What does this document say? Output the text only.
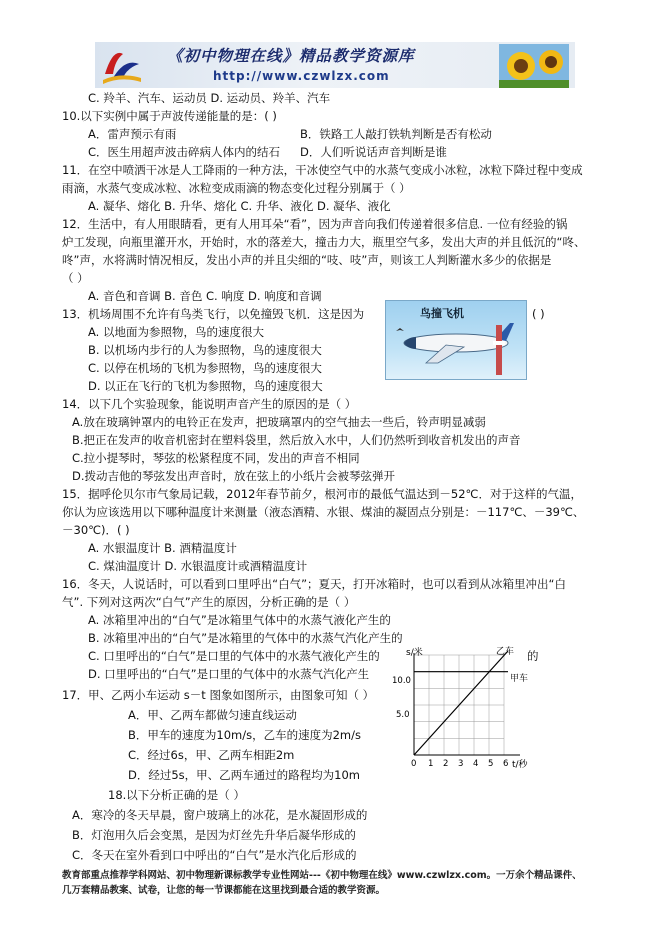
《初中物理在线》精品教学资源库
http://www.czwlzx.com
C. 羚羊、汽车、运动员 D. 运动员、羚羊、汽车
10.以下实例中属于声波传递能量的是：( )
A．雷声预示有雨	B．铁路工人敲打铁轨判断是否有松动
C．医生用超声波击碎病人体内的结石 D．人们听说话声音判断是谁
11．在空中喷洒干冰是人工降雨的一种方法，干冰使空气中的水蒸气变成小冰粒，冰粒下降过程中变成
雨滴，水蒸气变成冰粒、冰粒变成雨滴的物态变化过程分别属于（ ）
A. 凝华、熔化 B. 升华、熔化 C. 升华、液化 D. 凝华、液化
12．生活中，有人用眼睛看，更有人用耳朵“看”，因为声音向我们传递着很多信息. 一位有经验的锅
炉工发现，向瓶里灌开水，开始时，水的落差大，撞击力大，瓶里空气多，发出大声的并且低沉的“咚、
咚”声，水将满时情况相反，发出小声的并且尖细的“吱、吱”声，则该工人判断灌水多少的依据是
（ ）
A. 音色和音调 B. 音色 C. 响度 D. 响度和音调
13．机场周围不允许有鸟类飞行，以免撞毁飞机．这是因为	( )
A. 以地面为参照物，鸟的速度很大
B. 以机场内步行的人为参照物，鸟的速度很大
C. 以停在机场的飞机为参照物，鸟的速度很大
D. 以正在飞行的飞机为参照物，鸟的速度很大
鸟撞飞机
14．以下几个实验现象，能说明声音产生的原因的是（ ）
A.放在玻璃钟罩内的电铃正在发声，把玻璃罩内的空气抽去一些后，铃声明显减弱
B.把正在发声的收音机密封在塑料袋里，然后放入水中，人们仍然听到收音机发出的声音
C.拉小提琴时，琴弦的松紧程度不同，发出的声音不相同
D.拨动吉他的琴弦发出声音时，放在弦上的小纸片会被琴弦弹开
15．据呼伦贝尔市气象局记载，2012年春节前夕，根河市的最低气温达到－52℃．对于这样的气温，
你认为应该选用以下哪种温度计来测量（液态酒精、水银、煤油的凝固点分别是：－117℃、－39℃、
－30℃)．( )
A. 水银温度计 B. 酒精温度计
C. 煤油温度计 D. 水银温度计或酒精温度计
16．冬天，人说话时，可以看到口里呼出“白气”；夏天，打开冰箱时，也可以看到从冰箱里冲出“白
气”. 下列对这两次“白气”产生的原因，分析正确的是（ ）
A. 冰箱里冲出的“白气”是冰箱里气体中的水蒸气液化产生的
B. 冰箱里冲出的“白气”是冰箱里的气体中的水蒸气汽化产生的
C. 口里呼出的“白气”是口里的气体中的水蒸气液化产生的
D. 口里呼出的“白气”是口里的气体中的水蒸气汽化产生
的
17．甲、乙两小车运动 s－t 图象如图所示，由图象可知（ ）
A．甲、乙两车都做匀速直线运动
B．甲车的速度为10m/s，乙车的速度为2m/s
C．经过6s，甲、乙两车相距2m
D．经过5s，甲、乙两车通过的路程均为10m
s/米
t/秒
10.0
5.0
0 1 2 3 4 5 6
乙车
甲车
18.以下分析正确的是（ ）
A．寒冷的冬天早晨，窗户玻璃上的冰花，是水凝固形成的
B．灯泡用久后会变黑，是因为灯丝先升华后凝华形成的
C．冬天在室外看到口中呼出的“白气”是水汽化后形成的
教育部重点推荐学科网站、初中物理新课标教学专业性网站---《初中物理在线》www.czwlzx.com。一万余个精品课件、
几万套精品教案、试卷，让您的每一节课都能在这里找到最合适的教学资源。
